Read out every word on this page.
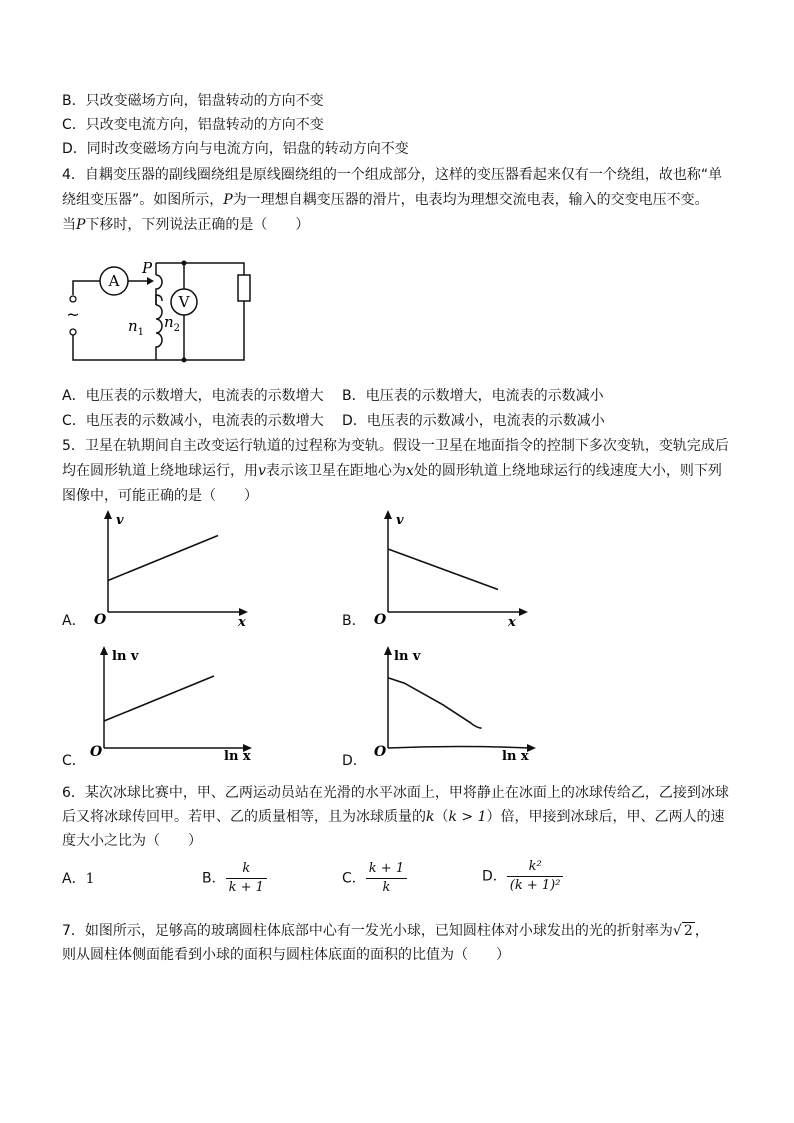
B．只改变磁场方向，铝盘转动的方向不变
C．只改变电流方向，铝盘转动的方向不变
D．同时改变磁场方向与电流方向，铝盘的转动方向不变
4．自耦变压器的副线圈绕组是原线圈绕组的一个组成部分，这样的变压器看起来仅有一个绕组，故也称“单
绕组变压器”。如图所示，P为一理想自耦变压器的滑片，电表均为理想交流电表，输入的交变电压不变。
当P下移时，下列说法正确的是（　　）
A
V
~
P
$n_1$
$n_2$
A．电压表的示数增大，电流表的示数增大 B．电压表的示数增大，电流表的示数减小
C．电压表的示数减小，电流表的示数增大 D．电压表的示数减小，电流表的示数减小
5．卫星在轨期间自主改变运行轨道的过程称为变轨。假设一卫星在地面指令的控制下多次变轨，变轨完成后
均在圆形轨道上绕地球运行，用v表示该卫星在距地心为x处的圆形轨道上绕地球运行的线速度大小，则下列
图像中，可能正确的是（　　）
A．	B．
C．	D．
v
x
O
v
x
O
ln v
ln x
O
ln v
ln x
O
6．某次冰球比赛中，甲、乙两运动员站在光滑的水平冰面上，甲将静止在冰面上的冰球传给乙，乙接到冰球
后又将冰球传回甲。若甲、乙的质量相等，且为冰球质量的k（k > 1）倍，甲接到冰球后，甲、乙两人的速
度大小之比为（　　）
A．1	B． $\frac{k}{k + 1}$	C． $\frac{k + 1}{k}$	D． $\frac{\text{k²}}{\text{(k + 1)²}}$
7．如图所示，足够高的玻璃圆柱体底部中心有一发光小球，已知圆柱体对小球发出的光的折射率为√ 2 ，
则从圆柱体侧面能看到小球的面积与圆柱体底面的面积的比值为（　　）
